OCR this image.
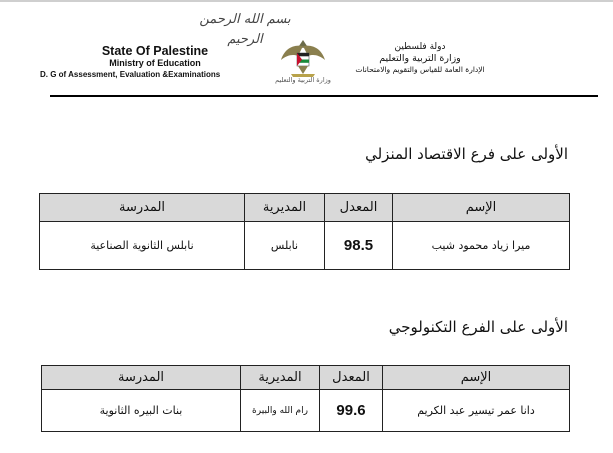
بسم الله الرحمن الرحيم
State Of Palestine
Ministry of Education
D. G of Assessment, Evaluation &Examinations
وزارة التربية والتعليم
دولة فلسطين
وزارة التربية والتعليم
الإدارة العامة للقياس والتقويم والامتحانات
الأولى على فرع الاقتصاد المنزلي
الإسم	المعدل	المديرية	المدرسة
ميرا زياد محمود شيب	98.5	نابلس	نابلس الثانوية الصناعية
الأولى على الفرع التكنولوجي
الإسم	المعدل	المديرية	المدرسة
دانا عمر تيسير عبد الكريم	99.6	رام الله والبيرة	بنات البيره الثانوية
